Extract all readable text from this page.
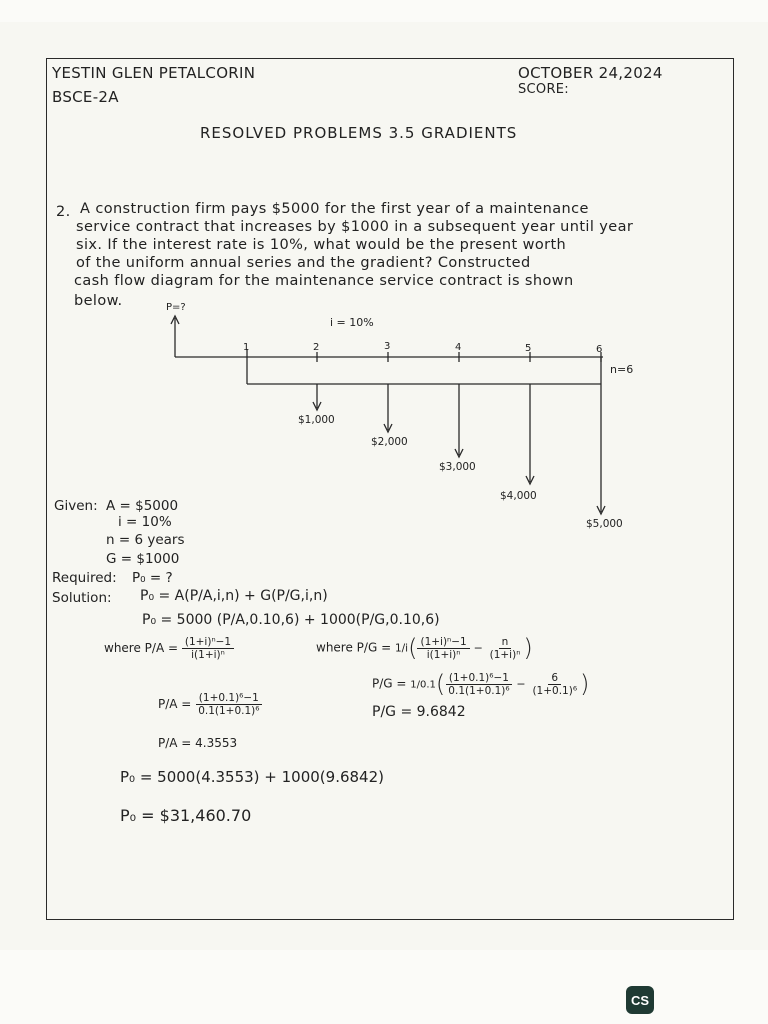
YESTIN GLEN PETALCORIN
BSCE-2A
OCTOBER 24,2024
SCORE:
RESOLVED PROBLEMS 3.5 GRADIENTS
2. A construction firm pays $5000 for the first year of a maintenance
service contract that increases by $1000 in a subsequent year until year
six. If the interest rate is 10%, what would be the present worth
of the uniform annual series and the gradient? Constructed
cash flow diagram for the maintenance service contract is shown
below.	P=?
i = 10%
1	2	3	4	5	6
n=6
$1,000
$2,000
$3,000
$4,000
$5,000
Given: A = $5000
i = 10%
n = 6 years
G = $1000
Required: P₀ = ?
Solution: P₀ = A(P/A,i,n) + G(P/G,i,n)
P₀ = 5000 (P/A,0.10,6) + 1000(P/G,0.10,6)
where $P/A = \frac{\text{(1+i)ⁿ−1}}{\text{i(1+i)ⁿ}}$	where $P/G = 1/i( \frac{\text{(1+i)ⁿ−1}}{\text{i(1+i)ⁿ}} - \frac{n}{\text{(1+i)ⁿ}}$ )
$P/G = 1/0.1( \frac{\text{(1+0.1)⁶−1}}{\text{0.1(1+0.1)⁶}} - \frac{6}{\text{(1+0.1)⁶}}$ )
P/G = 9.6842
$P/A = \frac{\text{(1+0.1)⁶−1}}{\text{0.1(1+0.1)⁶}}$
P/A = 4.3553
P₀ = 5000(4.3553) + 1000(9.6842)
P₀ = $31,460.70
CS
